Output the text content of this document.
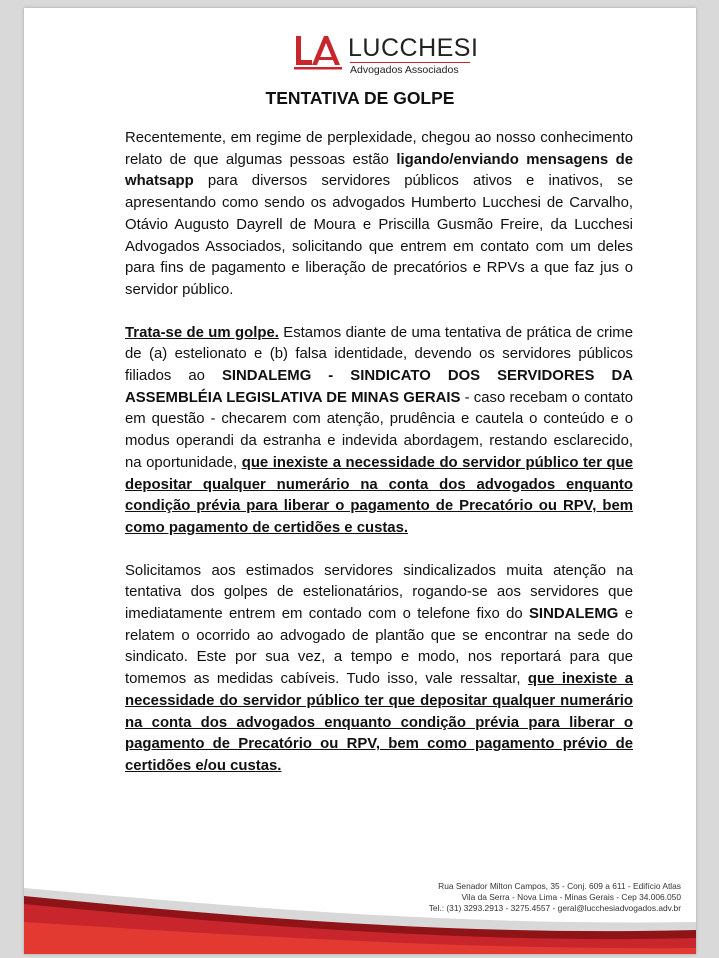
LUCCHESI
Advogados Associados
TENTATIVA DE GOLPE

Recentemente, em regime de perplexidade, chegou ao nosso conhecimento relato de que algumas pessoas estão ligando/enviando mensagens de whatsapp para diversos servidores públicos ativos e inativos, se apresentando como sendo os advogados Humberto Lucchesi de Carvalho, Otávio Augusto Dayrell de Moura e Priscilla Gusmão Freire, da Lucchesi Advogados Associados, solicitando que entrem em contato com um deles para fins de pagamento e liberação de precatórios e RPVs a que faz jus o servidor público.

Trata-se de um golpe. Estamos diante de uma tentativa de prática de crime de (a) estelionato e (b) falsa identidade, devendo os servidores públicos filiados ao SINDALEMG - SINDICATO DOS SERVIDORES DA ASSEMBLÉIA LEGISLATIVA DE MINAS GERAIS - caso recebam o contato em questão - checarem com atenção, prudência e cautela o conteúdo e o modus operandi da estranha e indevida abordagem, restando esclarecido, na oportunidade, que inexiste a necessidade do servidor público ter que depositar qualquer numerário na conta dos advogados enquanto condição prévia para liberar o pagamento de Precatório ou RPV, bem como pagamento de certidões e custas.

Solicitamos aos estimados servidores sindicalizados muita atenção na tentativa dos golpes de estelionatários, rogando-se aos servidores que imediatamente entrem em contado com o telefone fixo do SINDALEMG e relatem o ocorrido ao advogado de plantão que se encontrar na sede do sindicato. Este por sua vez, a tempo e modo, nos reportará para que tomemos as medidas cabíveis. Tudo isso, vale ressaltar, que inexiste a necessidade do servidor público ter que depositar qualquer numerário na conta dos advogados enquanto condição prévia para liberar o pagamento de Precatório ou RPV, bem como pagamento prévio de certidões e/ou custas.

Rua Senador Milton Campos, 35 - Conj. 609 a 611 - Edifício Atlas
Vila da Serra - Nova Lima - Minas Gerais - Cep 34.006.050
Tel.: (31) 3293.2913 - 3275.4557 - geral@lucchesiadvogados.adv.br
